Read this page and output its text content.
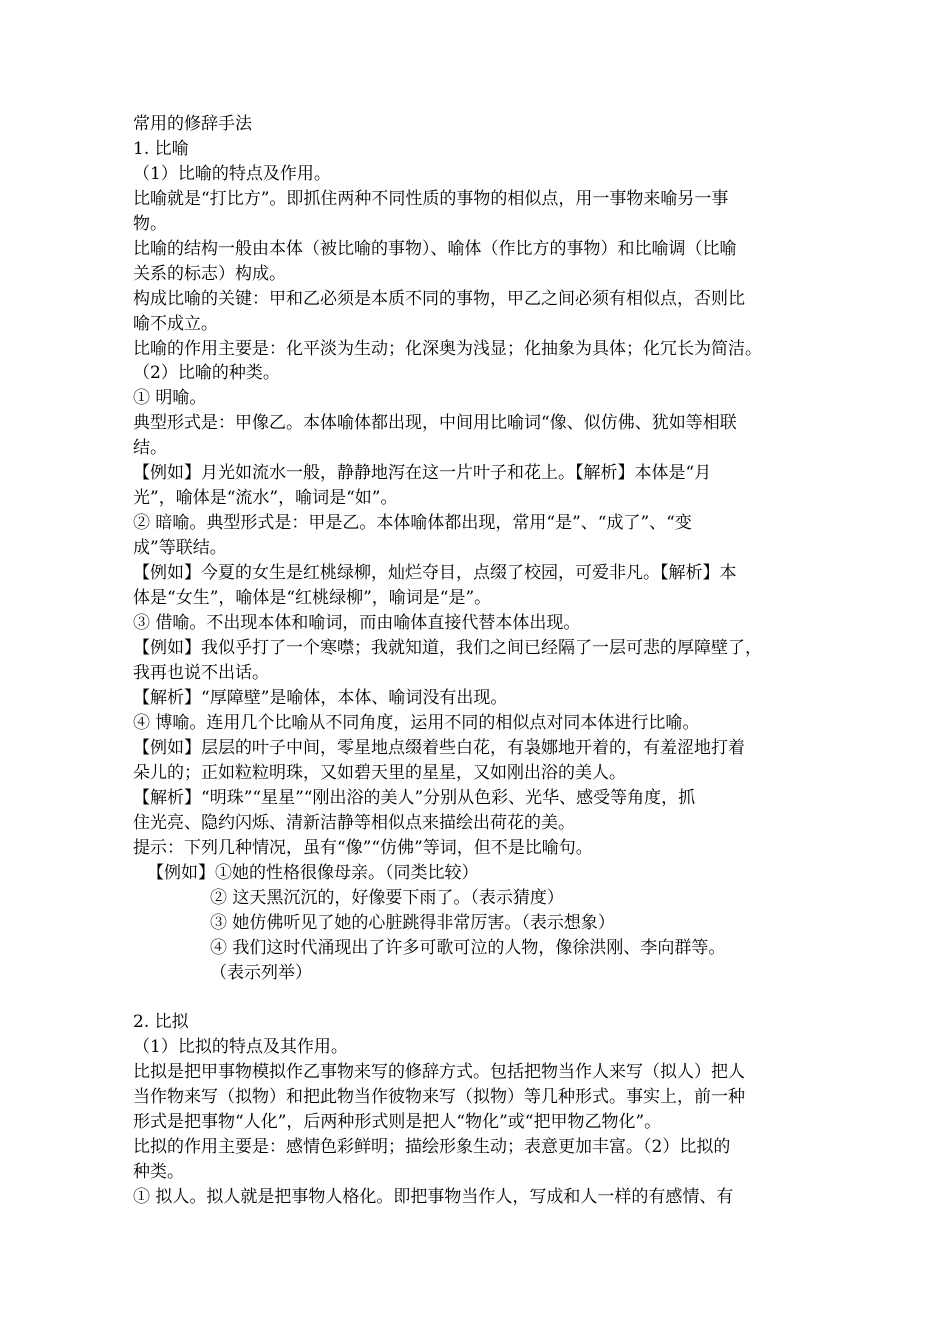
常用的修辞手法
1. 比喻
（1）比喻的特点及作用。
比喻就是“打比方”。即抓住两种不同性质的事物的相似点，用一事物来喻另一事
物。
比喻的结构一般由本体（被比喻的事物）、喻体（作比方的事物）和比喻调（比喻
关系的标志）构成。
构成比喻的关键：甲和乙必须是本质不同的事物，甲乙之间必须有相似点，否则比
喻不成立。
比喻的作用主要是：化平淡为生动；化深奥为浅显；化抽象为具体；化冗长为简洁。
（2）比喻的种类。
① 明喻。
典型形式是：甲像乙。本体喻体都出现，中间用比喻词“像、似仿佛、犹如等相联
结。
【例如】月光如流水一般，静静地泻在这一片叶子和花上。【解析】本体是“月
光”，喻体是“流水”，喻词是“如”。
② 暗喻。典型形式是：甲是乙。本体喻体都出现，常用“是”、“成了”、“变
成”等联结。
【例如】今夏的女生是红桃绿柳，灿烂夺目，点缀了校园，可爱非凡。【解析】本
体是“女生”，喻体是“红桃绿柳”，喻词是“是”。
③ 借喻。不出现本体和喻词，而由喻体直接代替本体出现。
【例如】我似乎打了一个寒噤；我就知道，我们之间已经隔了一层可悲的厚障壁了，
我再也说不出话。
【解析】“厚障壁”是喻体，本体、喻词没有出现。
④ 博喻。连用几个比喻从不同角度，运用不同的相似点对同本体进行比喻。
【例如】层层的叶子中间，零星地点缀着些白花，有袅娜地开着的，有羞涩地打着
朵儿的；正如粒粒明珠，又如碧天里的星星，又如刚出浴的美人。
【解析】“明珠”“星星”“刚出浴的美人”分别从色彩、光华、感受等角度，抓
住光亮、隐约闪烁、清新洁静等相似点来描绘出荷花的美。
提示：下列几种情况，虽有“像”“仿佛”等词，但不是比喻句。
【例如】①她的性格很像母亲。（同类比较）
② 这天黑沉沉的，好像要下雨了。（表示猜度）
③ 她仿佛听见了她的心脏跳得非常厉害。（表示想象）
④ 我们这时代涌现出了许多可歌可泣的人物，像徐洪刚、李向群等。
（表示列举）
2. 比拟
（1）比拟的特点及其作用。
比拟是把甲事物模拟作乙事物来写的修辞方式。包括把物当作人来写（拟人）把人
当作物来写（拟物）和把此物当作彼物来写（拟物）等几种形式。事实上，前一种
形式是把事物“人化”，后两种形式则是把人“物化”或“把甲物乙物化”。
比拟的作用主要是：感情色彩鲜明；描绘形象生动；表意更加丰富。（2）比拟的
种类。
① 拟人。拟人就是把事物人格化。即把事物当作人，写成和人一样的有感情、有
